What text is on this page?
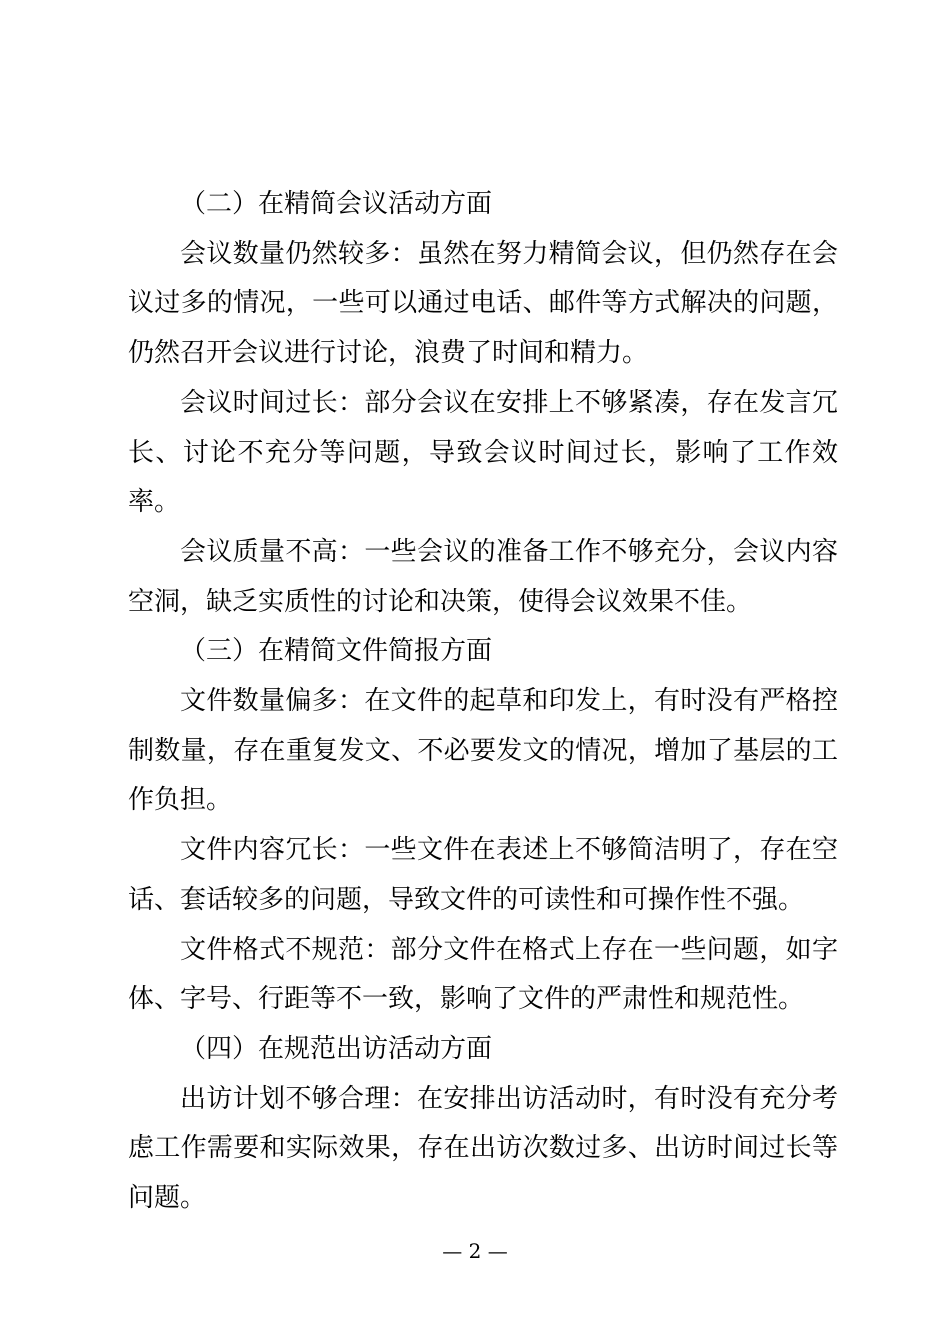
（二）在精简会议活动方面

会议数量仍然较多：虽然在努力精简会议，但仍然存在会议过多的情况，一些可以通过电话、邮件等方式解决的问题，仍然召开会议进行讨论，浪费了时间和精力。

会议时间过长：部分会议在安排上不够紧凑，存在发言冗长、讨论不充分等问题，导致会议时间过长，影响了工作效率。

会议质量不高：一些会议的准备工作不够充分，会议内容空洞，缺乏实质性的讨论和决策，使得会议效果不佳。

（三）在精简文件简报方面

文件数量偏多：在文件的起草和印发上，有时没有严格控制数量，存在重复发文、不必要发文的情况，增加了基层的工作负担。

文件内容冗长：一些文件在表述上不够简洁明了，存在空话、套话较多的问题，导致文件的可读性和可操作性不强。

文件格式不规范：部分文件在格式上存在一些问题，如字体、字号、行距等不一致，影响了文件的严肃性和规范性。

（四）在规范出访活动方面

出访计划不够合理：在安排出访活动时，有时没有充分考虑工作需要和实际效果，存在出访次数过多、出访时间过长等问题。

— 2 —
